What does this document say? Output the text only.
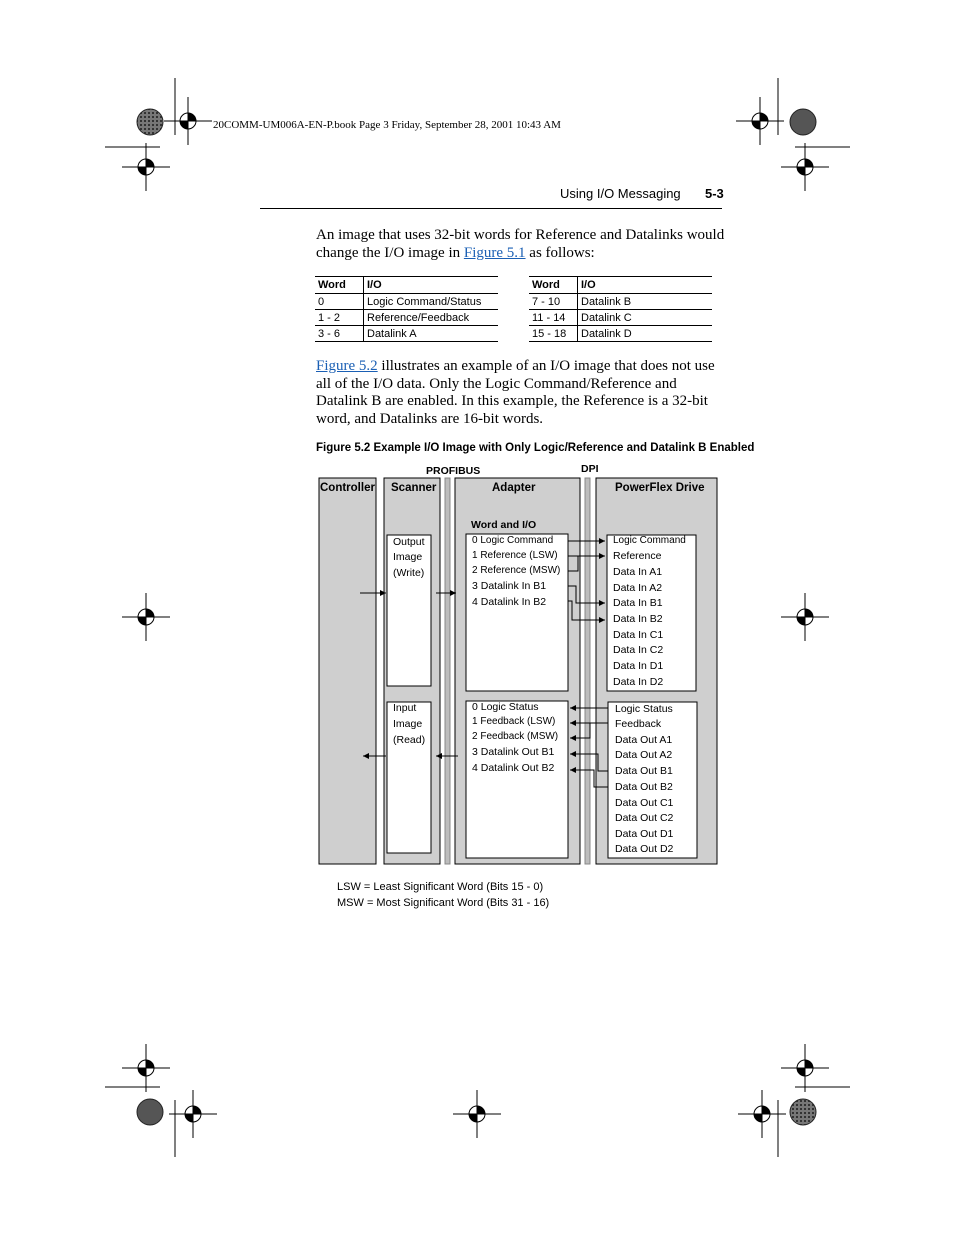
20COMM-UM006A-EN-P.book Page 3 Friday, September 28, 2001 10:43 AM
Using I/O Messaging 5-3
An image that uses 32-bit words for Reference and Datalinks would change the I/O image in Figure 5.1 as follows:
Word	I/O
0	Logic Command/Status
1 - 2	Reference/Feedback
3 - 6	Datalink A
Word	I/O
7 - 10	Datalink B
11 - 14	Datalink C
15 - 18	Datalink D
Figure 5.2 illustrates an example of an I/O image that does not use all of the I/O data. Only the Logic Command/Reference and Datalink B are enabled. In this example, the Reference is a 32-bit word, and Datalinks are 16-bit words.
Figure 5.2 Example I/O Image with Only Logic/Reference and Datalink B Enabled
PROFIBUS	DPI
Controller Scanner	Adapter	PowerFlex Drive
Word and I/O
Output
Image
(Write)
Input
Image
(Read)
0 Logic Command
1 Reference (LSW)
2 Reference (MSW)
3 Datalink In B1
4 Datalink In B2
0 Logic Status
1 Feedback (LSW)
2 Feedback (MSW)
3 Datalink Out B1
4 Datalink Out B2
Logic Command
Reference
Data In A1
Data In A2
Data In B1
Data In B2
Data In C1
Data In C2
Data In D1
Data In D2
Logic Status
Feedback
Data Out A1
Data Out A2
Data Out B1
Data Out B2
Data Out C1
Data Out C2
Data Out D1
Data Out D2
LSW = Least Significant Word (Bits 15 - 0)
MSW = Most Significant Word (Bits 31 - 16)
